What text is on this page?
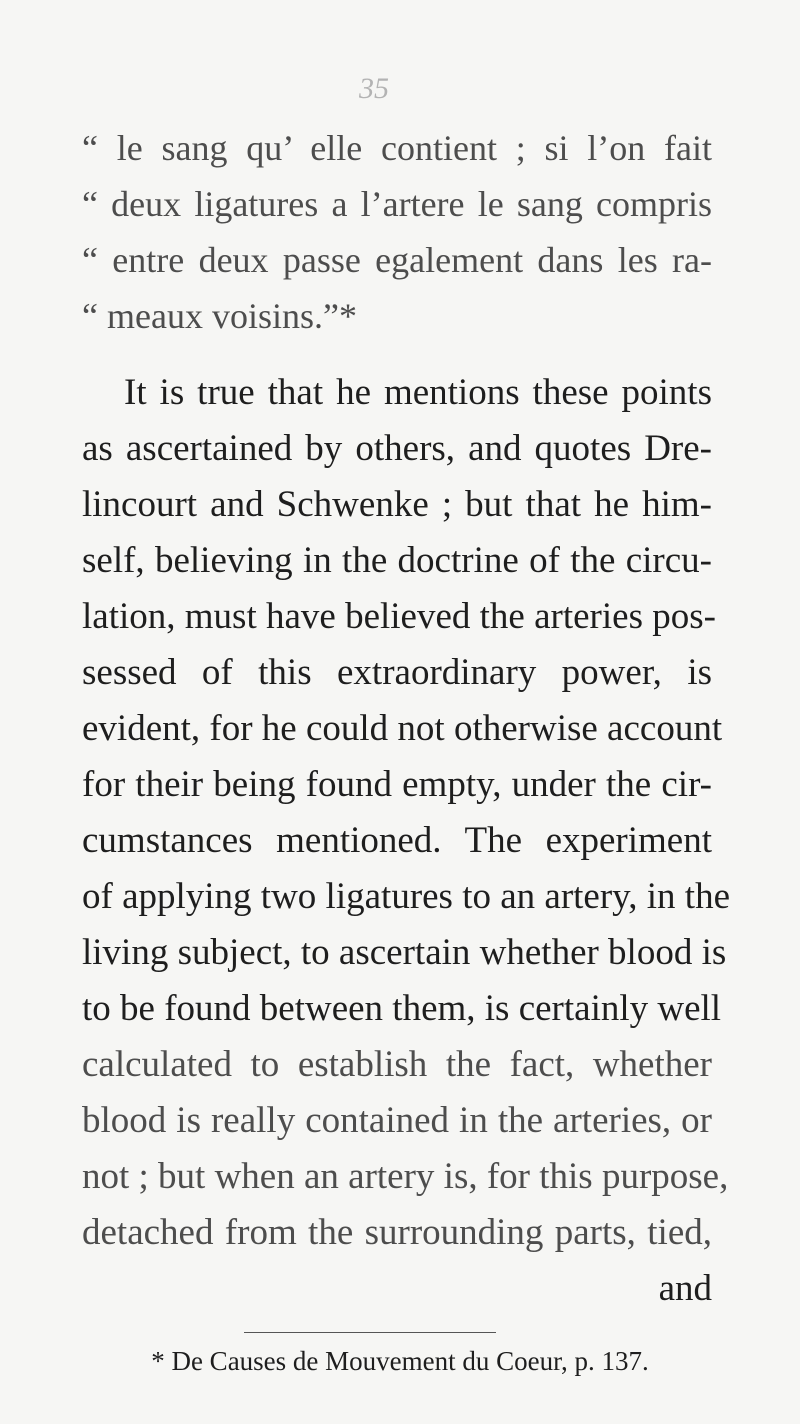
35
“ le sang qu’ elle contient ; si l’on fait
“ deux ligatures a l’artere le sang compris
“ entre deux passe egalement dans les ra-
“ meaux voisins.”*
It is true that he mentions these points
as ascertained by others, and quotes Dre-
lincourt and Schwenke ; but that he him-
self, believing in the doctrine of the circu-
lation, must have believed the arteries pos-
sessed of this extraordinary power, is
evident, for he could not otherwise account
for their being found empty, under the cir-
cumstances mentioned. The experiment
of applying two ligatures to an artery, in the
living subject, to ascertain whether blood is
to be found between them, is certainly well
calculated to establish the fact, whether
blood is really contained in the arteries, or
not ; but when an artery is, for this purpose,
detached from the surrounding parts, tied,
and
* De Causes de Mouvement du Coeur, p. 137.
